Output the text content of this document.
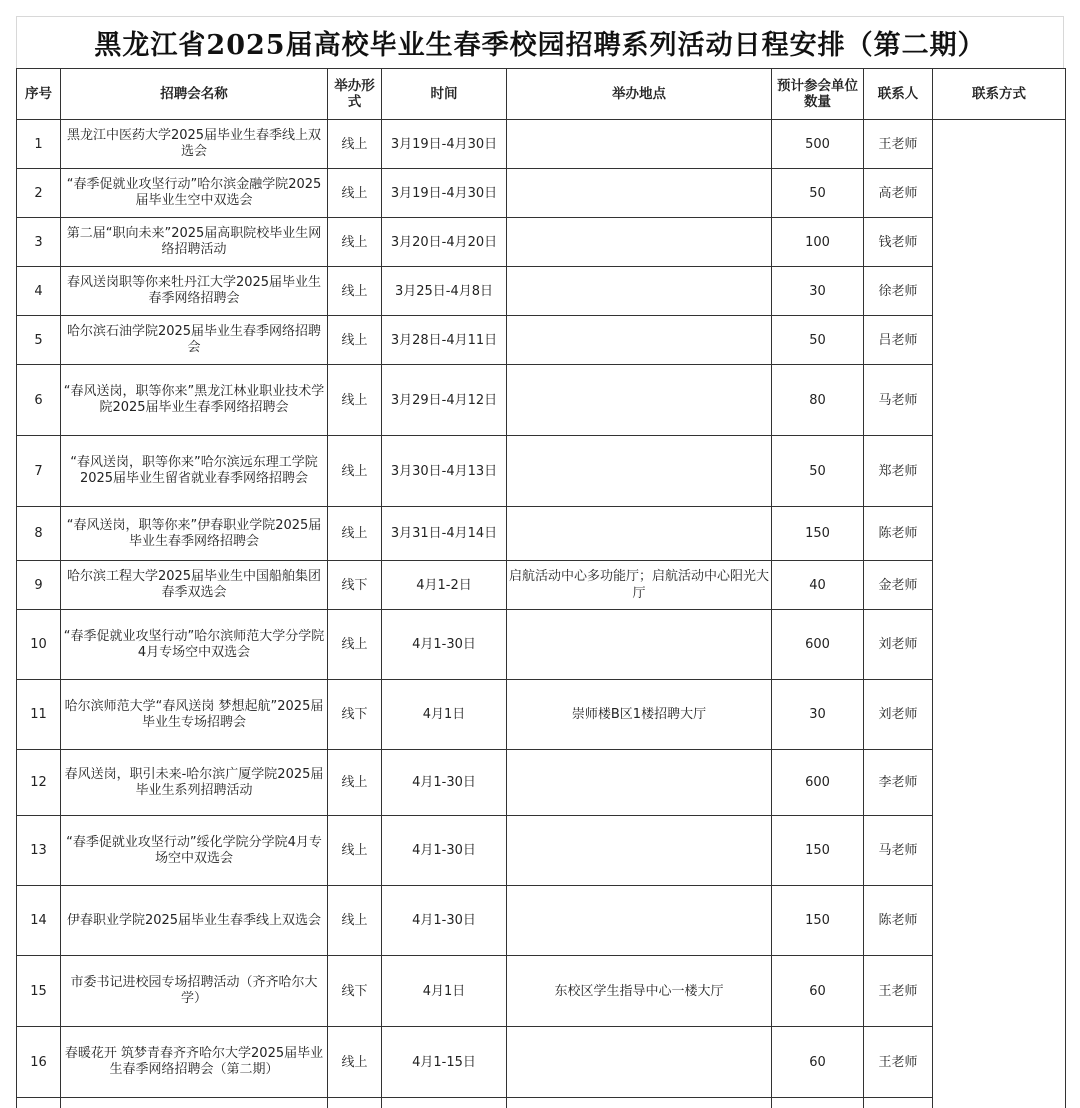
黑龙江省2025届高校毕业生春季校园招聘系列活动日程安排（第二期）
序号	招聘会名称	举办形式	时间	举办地点	预计参会单位数量	联系人	联系方式
1	黑龙江中医药大学2025届毕业生春季线上双选会	线上	3月19日-4月30日		500	王老师	
2	“春季促就业攻坚行动”哈尔滨金融学院2025届毕业生空中双选会	线上	3月19日-4月30日		50	高老师	
3	第二届“职向未来”2025届高职院校毕业生网络招聘活动	线上	3月20日-4月20日		100	钱老师	
4	春风送岗职等你来牡丹江大学2025届毕业生春季网络招聘会	线上	3月25日-4月8日		30	徐老师	
5	哈尔滨石油学院2025届毕业生春季网络招聘会	线上	3月28日-4月11日		50	吕老师	
6	“春风送岗，职等你来”黑龙江林业职业技术学院2025届毕业生春季网络招聘会	线上	3月29日-4月12日		80	马老师	
7	“春风送岗，职等你来”哈尔滨远东理工学院2025届毕业生留省就业春季网络招聘会	线上	3月30日-4月13日		50	郑老师	
8	“春风送岗，职等你来”伊春职业学院2025届毕业生春季网络招聘会	线上	3月31日-4月14日		150	陈老师	
9	哈尔滨工程大学2025届毕业生中国船舶集团春季双选会	线下	4月1-2日	启航活动中心多功能厅；启航活动中心阳光大厅	40	金老师	
10	“春季促就业攻坚行动”哈尔滨师范大学分学院4月专场空中双选会	线上	4月1-30日		600	刘老师	
11	哈尔滨师范大学“春风送岗 梦想起航”2025届毕业生专场招聘会	线下	4月1日	崇师楼B区1楼招聘大厅	30	刘老师	
12	春风送岗，职引未来-哈尔滨广厦学院2025届毕业生系列招聘活动	线上	4月1-30日		600	李老师	
13	“春季促就业攻坚行动”绥化学院分学院4月专场空中双选会	线上	4月1-30日		150	马老师	
14	伊春职业学院2025届毕业生春季线上双选会	线上	4月1-30日		150	陈老师	
15	市委书记进校园专场招聘活动（齐齐哈尔大学）	线下	4月1日	东校区学生指导中心一楼大厅	60	王老师	
16	春暖花开 筑梦青春齐齐哈尔大学2025届毕业生春季网络招聘会（第二期）	线上	4月1-15日		60	王老师	
